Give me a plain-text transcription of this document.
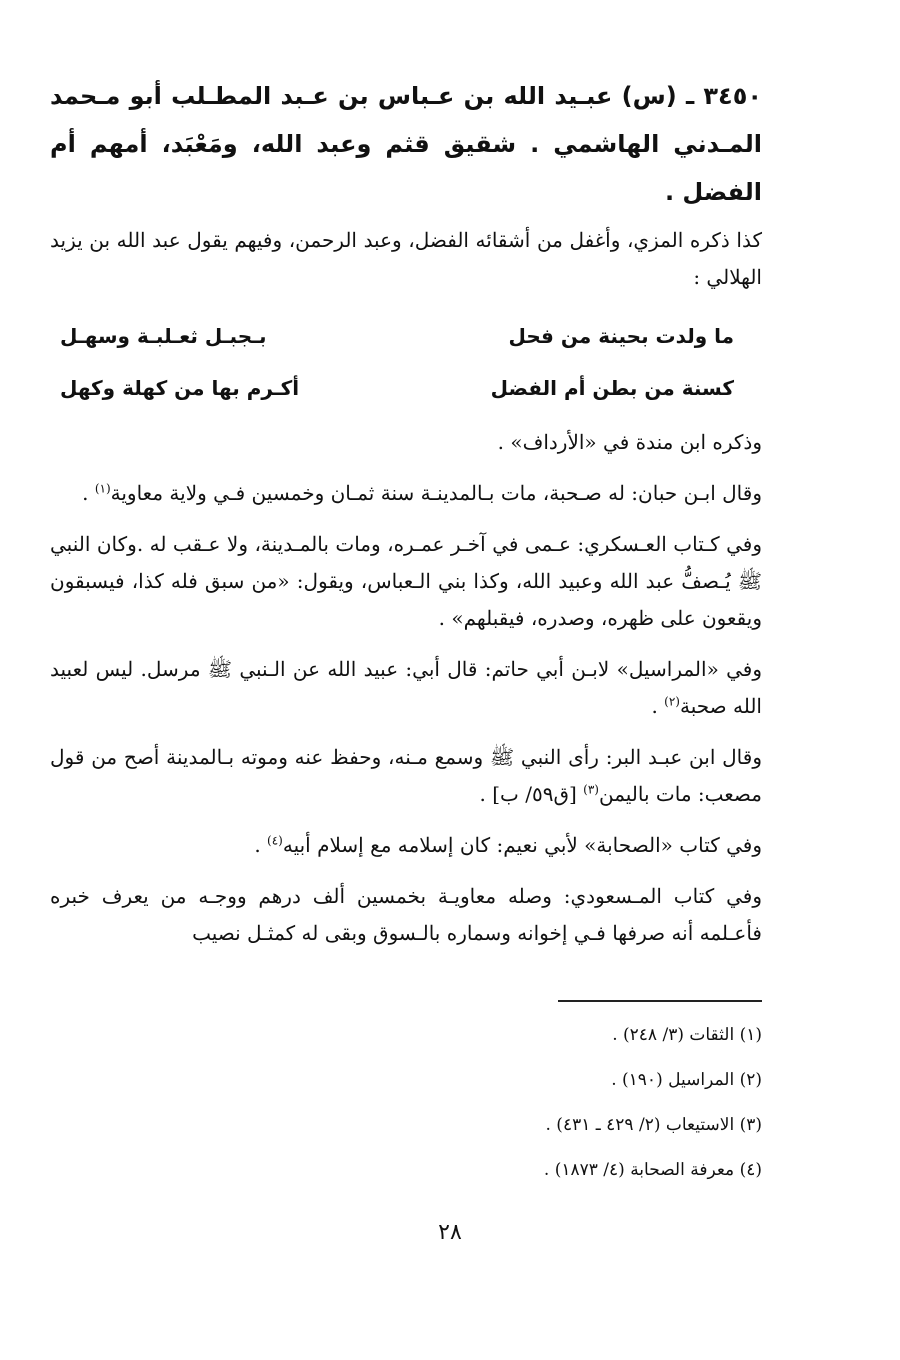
٣٤٥٠ ـ (س) عبـيد الله بن عـباس بن عـبد المطـلب أبو مـحمد المـدني الهاشمي . شقيق قثم وعبد الله، ومَعْبَد، أمهم أم الفضل .

كذا ذكره المزي، وأغفل من أشقائه الفضل، وعبد الرحمن، وفيهم يقول عبد الله بن يزيد الهلالي :

ما ولدت بحينة من فحل
بـجبـل ثعـلبـة وسهـل
كسنة من بطن أم الفضل
أكـرم بها من كهلة وكهل

وذكره ابن مندة في «الأرداف» .

وقال ابـن حبان: له صـحبة، مات بـالمدينـة سنة ثمـان وخمسين فـي ولاية معاوية$^{(١)}$ .

وفي كـتاب العـسكري: عـمى في آخـر عمـره، ومات بالمـدينة، ولا عـقب له .وكان النبي ﷺ يُـصفُّ عبد الله وعبيد الله، وكذا بني الـعباس، ويقول: «من سبق فله كذا، فيسبقون ويقعون على ظهره، وصدره، فيقبلهم» .

وفي «المراسيل» لابـن أبي حاتم: قال أبي: عبيد الله عن الـنبي ﷺ مرسل. ليس لعبيد الله صحبة$^{(٢)}$ .

وقال ابن عبـد البر: رأى النبي ﷺ وسمع مـنه، وحفظ عنه وموته بـالمدينة أصح من قول مصعب: مات باليمن$^{(٣)}$ [ق٥٩/ ب] .

وفي كتاب «الصحابة» لأبي نعيم: كان إسلامه مع إسلام أبيه$^{(٤)}$ .

وفي كتاب المـسعودي: وصله معاويـة بخمسين ألف درهم ووجـه من يعرف خبره فأعـلمه أنه صرفها فـي إخوانه وسماره بالـسوق وبقى له كمثـل نصيب

(١) الثقات (٣/ ٢٤٨) .

(٢) المراسيل (١٩٠) .

(٣) الاستيعاب (٢/ ٤٢٩ ـ ٤٣١) .

(٤) معرفة الصحابة (٤/ ١٨٧٣) .

٢٨
